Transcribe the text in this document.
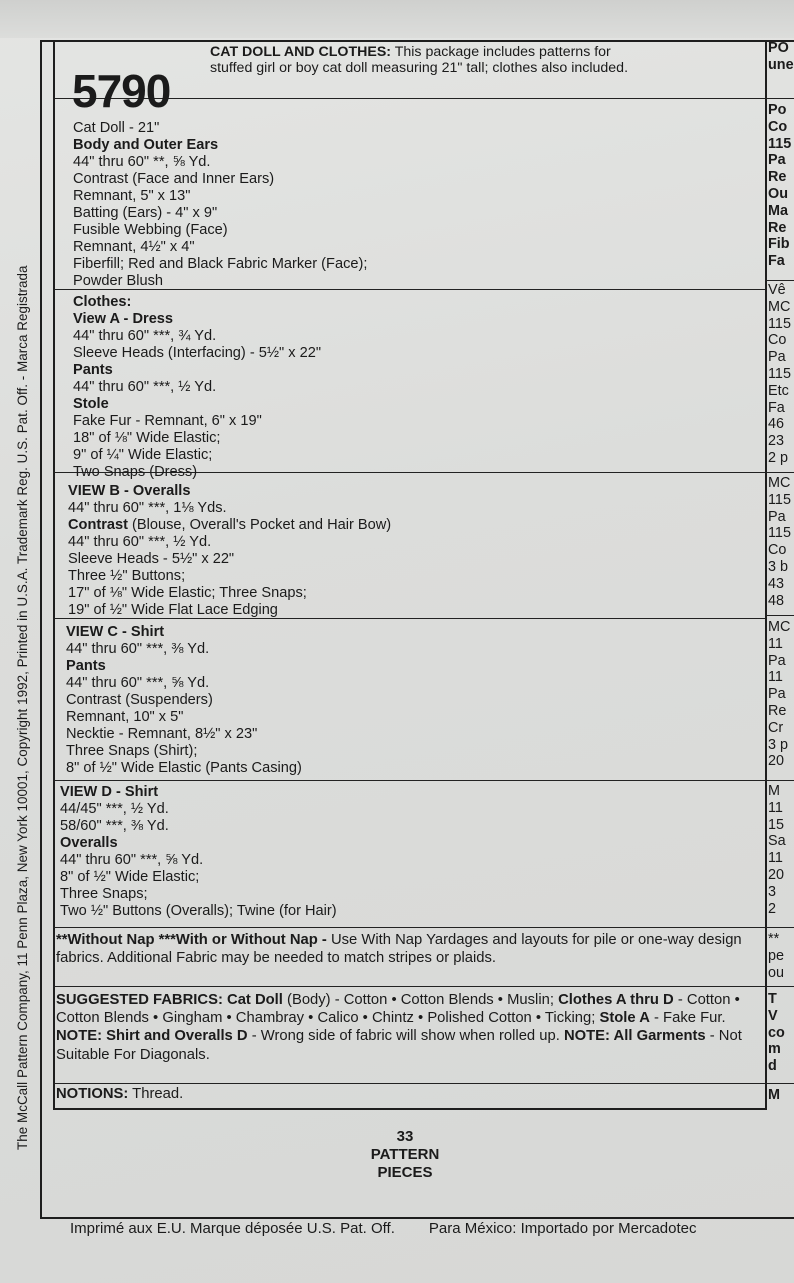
The McCall Pattern Company, 11 Penn Plaza, New York 10001, Copyright 1992, Printed in U.S.A. Trademark Reg. U.S. Pat. Off. - Marca Registrada
5790
CAT DOLL AND CLOTHES: This package includes patterns for
stuffed girl or boy cat doll measuring 21" tall; clothes also included.
Cat Doll - 21"
Body and Outer Ears
44" thru 60" **, ⅝ Yd.
Contrast (Face and Inner Ears)
Remnant, 5" x 13"
Batting (Ears) - 4" x 9"
Fusible Webbing (Face)
Remnant, 4½" x 4"
Fiberfill; Red and Black Fabric Marker (Face);
Powder Blush
Clothes:
View A - Dress
44" thru 60" ***, ¾ Yd.
Sleeve Heads (Interfacing) - 5½" x 22"
Pants
44" thru 60" ***, ½ Yd.
Stole
Fake Fur - Remnant, 6" x 19"
18" of ⅛" Wide Elastic;
9" of ¼" Wide Elastic;
Two Snaps (Dress)
VIEW B - Overalls
44" thru 60" ***, 1⅛ Yds.
Contrast (Blouse, Overall's Pocket and Hair Bow)
44" thru 60" ***, ½ Yd.
Sleeve Heads - 5½" x 22"
Three ½" Buttons;
17" of ⅛" Wide Elastic; Three Snaps;
19" of ½" Wide Flat Lace Edging
VIEW C - Shirt
44" thru 60" ***, ⅜ Yd.
Pants
44" thru 60" ***, ⅝ Yd.
Contrast (Suspenders)
Remnant, 10" x 5"
Necktie - Remnant, 8½" x 23"
Three Snaps (Shirt);
8" of ½" Wide Elastic (Pants Casing)
VIEW D - Shirt
44/45" ***, ½ Yd.
58/60" ***, ⅜ Yd.
Overalls
44" thru 60" ***, ⅝ Yd.
8" of ½" Wide Elastic;
Three Snaps;
Two ½" Buttons (Overalls); Twine (for Hair)
**Without Nap ***With or Without Nap - Use With Nap Yardages and layouts for pile or one-way design fabrics. Additional Fabric may be needed to match stripes or plaids.
SUGGESTED FABRICS: Cat Doll (Body) - Cotton • Cotton Blends • Muslin; Clothes A thru D - Cotton • Cotton Blends • Gingham • Chambray • Calico • Chintz • Polished Cotton • Ticking; Stole A - Fake Fur. NOTE: Shirt and Overalls D - Wrong side of fabric will show when rolled up. NOTE: All Garments - Not Suitable For Diagonals.
NOTIONS: Thread.
33
PATTERN
PIECES
Imprimé aux E.U. Marque déposée U.S. Pat. Off. Para México: Importado por Mercadotec
PO
une
Po
Co
115
Pa
Re
Ou
Ma
Re
Fib
Fa
Vê
MC
115
Co
Pa
115
Etc
Fa
46
23
2 p
MC
115
Pa
115
Co
3 b
43
48
MC
11
Pa
11
Pa
Re
Cr
3 p
20
M
11
15
Sa
11
20
3
2
**
pe
ou
T
V
co
m
d
M
